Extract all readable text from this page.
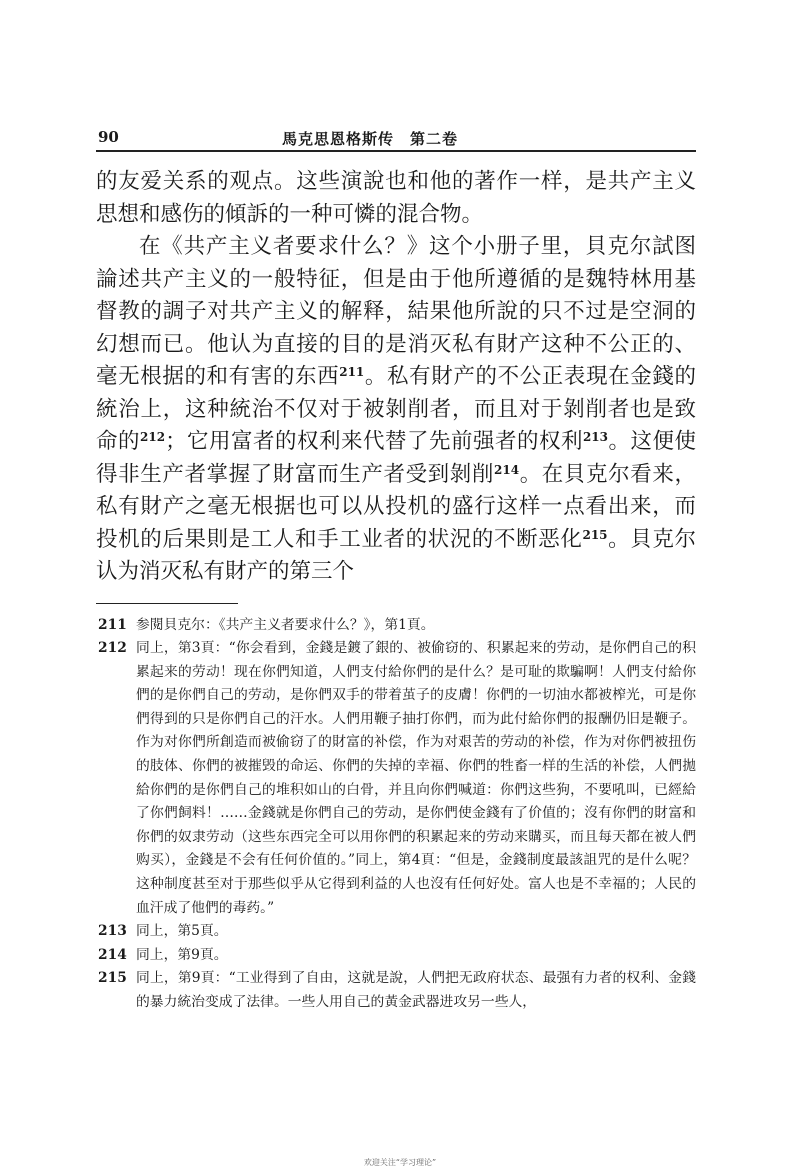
90	馬克思恩格斯传　第二卷

的友爱关系的观点。这些演說也和他的著作一样，是共产主义思想和感伤的傾訴的一种可憐的混合物。

在《共产主义者要求什么？》这个小册子里，貝克尔試图論述共产主义的一般特征，但是由于他所遵循的是魏特林用基督教的調子对共产主义的解释，結果他所說的只不过是空洞的幻想而已。他认为直接的目的是消灭私有財产这种不公正的、毫无根据的和有害的东西$^{211}$。私有財产的不公正表現在金錢的統治上，这种統治不仅对于被剝削者，而且对于剝削者也是致命的$^{212}$；它用富者的权利来代替了先前强者的权利$^{213}$。这便使得非生产者掌握了財富而生产者受到剝削$^{214}$。在貝克尔看来，私有財产之毫无根据也可以从投机的盛行这样一点看出来，而投机的后果則是工人和手工业者的状況的不断恶化$^{215}$。貝克尔认为消灭私有財产的第三个

211 参閱貝克尔：《共产主义者要求什么？》，第1頁。
212 同上，第3頁：“你会看到，金錢是鍍了銀的、被偷窃的、积累起来的劳动，是你們自己的积累起来的劳动！现在你們知道，人們支付給你們的是什么？是可耻的欺騙啊！人們支付給你們的是你們自己的劳动，是你們双手的带着茧子的皮膚！你們的一切油水都被榨光，可是你們得到的只是你們自己的汗水。人們用鞭子抽打你們，而为此付給你們的报酬仍旧是鞭子。作为对你們所創造而被偷窃了的財富的补偿，作为对艰苦的劳动的补偿，作为对你們被扭伤的肢体、你們的被摧毁的命运、你們的失掉的幸福、你們的牲畜一样的生活的补偿，人們拋給你們的是你們自己的堆积如山的白骨，并且向你們喊道：你們这些狗，不要吼叫，已經給了你們飼料！……金錢就是你們自己的劳动，是你們使金錢有了价值的；沒有你們的財富和你們的奴隶劳动（这些东西完全可以用你們的积累起来的劳动来購买，而且每天都在被人們购买），金錢是不会有任何价值的。”同上，第4頁：“但是，金錢制度最該詛咒的是什么呢？这种制度甚至对于那些似乎从它得到利益的人也沒有任何好处。富人也是不幸福的；人民的血汗成了他們的毒药。”
213 同上，第5頁。
214 同上，第9頁。
215 同上，第9頁：“工业得到了自由，这就是說，人們把无政府状态、最强有力者的权利、金錢的暴力統治变成了法律。一些人用自己的黃金武器进攻另一些人，
欢迎关注“学习理论”
